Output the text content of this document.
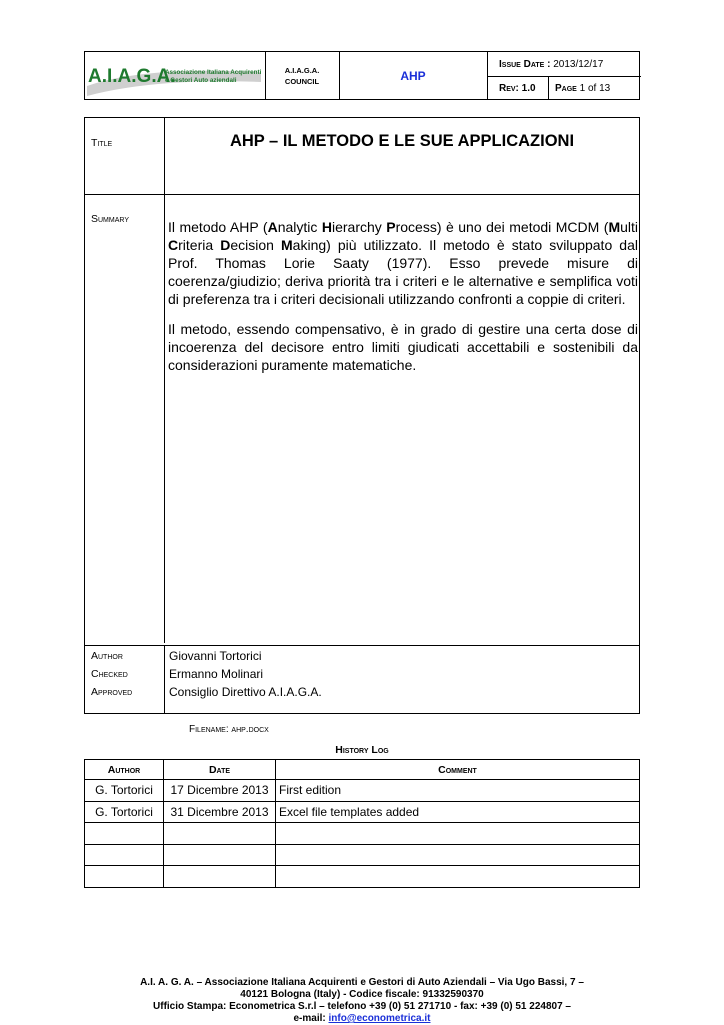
A.I.A.G.A.
Associazione Italiana Acquirenti
e Gestori Auto aziendali
A.I.A.G.A.
COUNCIL	AHP
Issue Date :
2013/12/17
Rev:
1.0	Page 1 of 13
Title	AHP – IL METODO E LE SUE APPLICAZIONI
Summary	Il metodo AHP (Analytic Hierarchy Process) è uno dei metodi MCDM (Multi Criteria Decision Making) più utilizzato. Il metodo è stato sviluppato dal Prof. Thomas Lorie Saaty (1977). Esso prevede misure di coerenza/giudizio; deriva priorità tra i criteri e le alternative e semplifica voti di preferenza tra i criteri decisionali utilizzando confronti a coppie di criteri.

Il metodo, essendo compensativo, è in grado di gestire una certa dose di incoerenza del decisore entro limiti giudicati accettabili e sostenibili da considerazioni puramente matematiche.

Author	Giovanni Tortorici
Checked	Ermanno Molinari
Approved	Consiglio Direttivo A.I.A.G.A.
Filename: ahp.docx
History Log
Author	Date	Comment
G. Tortorici	17 Dicembre 2013	First edition
G. Tortorici	31 Dicembre 2013	Excel file templates added

A.I. A. G. A. – Associazione Italiana Acquirenti e Gestori di Auto Aziendali – Via Ugo Bassi, 7 –
40121 Bologna (Italy) - Codice fiscale: 91332590370
Ufficio Stampa: Econometrica S.r.l – telefono +39 (0) 51 271710 - fax: +39 (0) 51 224807 –
e-mail: info@econometrica.it
